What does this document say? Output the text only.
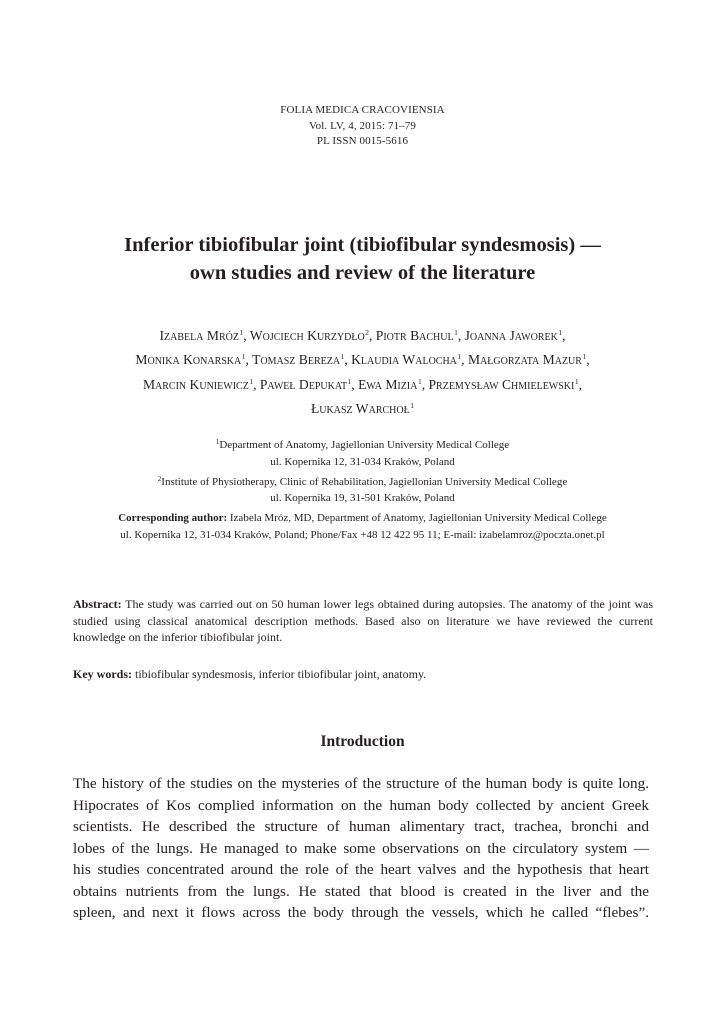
FOLIA MEDICA CRACOVIENSIA
Vol. LV, 4, 2015: 71–79
PL ISSN 0015-5616
Inferior tibiofibular joint (tibiofibular syndesmosis) —
own studies and review of the literature
Izabela Mróz$^1$, Wojciech Kurzydło$^2$, Piotr Bachul$^1$, Joanna Jaworek$^1$,
Monika Konarska$^1$, Tomasz Bereza$^1$, Klaudia Walocha$^1$, Małgorzata Mazur$^1$,
Marcin Kuniewicz$^1$, Paweł Depukat$^1$, Ewa Mizia$^1$, Przemysław Chmielewski$^1$,
Łukasz Warchoł$^1$
$^1$Department of Anatomy, Jagiellonian University Medical College
ul. Kopernika 12, 31-034 Kraków, Poland
$^2$Institute of Physiotherapy, Clinic of Rehabilitation, Jagiellonian University Medical College
ul. Kopernika 19, 31-501 Kraków, Poland
Corresponding author: Izabela Mróz, MD, Department of Anatomy, Jagiellonian University Medical College
ul. Kopernika 12, 31-034 Kraków, Poland; Phone/Fax +48 12 422 95 11; E-mail: izabelamroz@poczta.onet.pl
Abstract: The study was carried out on 50 human lower legs obtained during autopsies. The anatomy of the joint was studied using classical anatomical description methods. Based also on literature we have reviewed the current knowledge on the inferior tibiofibular joint.
Key words: tibiofibular syndesmosis, inferior tibiofibular joint, anatomy.
Introduction
The history of the studies on the mysteries of the structure of the human body is quite long.
Hipocrates of Kos complied information on the human body collected by ancient Greek
scientists. He described the structure of human alimentary tract, trachea, bronchi and
lobes of the lungs. He managed to make some observations on the circulatory system —
his studies concentrated around the role of the heart valves and the hypothesis that heart
obtains nutrients from the lungs. He stated that blood is created in the liver and the
spleen, and next it flows across the body through the vessels, which he called “flebes”.
